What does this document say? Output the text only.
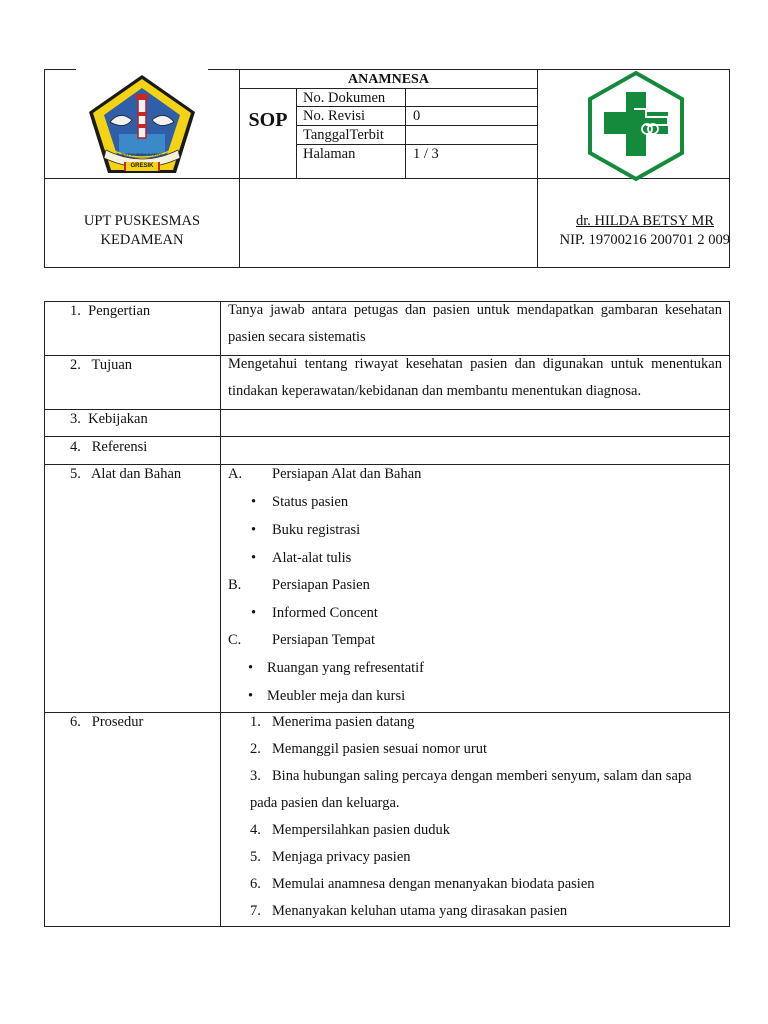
ANAMNESA
SOP
No. Dokumen
No. Revisi	0
TanggalTerbit
Halaman	1 / 3
UPT PUSKESMAS
KEDAMEAN
dr. HILDA BETSY MR
NIP. 19700216 200701 2 009
SATYA BINA KARYA
GRESIK
1.  Pengertian
2.   Tujuan
3.  Kebijakan
4.   Referensi
5.   Alat dan Bahan
6.   Prosedur
Tanya jawab antara petugas dan pasien untuk mendapatkan gambaran kesehatan pasien secara sistematis
Mengetahui tentang riwayat kesehatan pasien dan digunakan untuk menentukan tindakan keperawatan/kebidanan dan membantu menentukan diagnosa.
A. Persiapan Alat dan Bahan
• Status pasien
• Buku registrasi
• Alat-alat tulis
B. Persiapan Pasien
• Informed Concent
C. Persiapan Tempat
• Ruangan yang refresentatif
• Meubler meja dan kursi
1. Menerima pasien datang
2. Memanggil pasien sesuai nomor urut
3. Bina hubungan saling percaya dengan memberi senyum, salam dan sapa
pada pasien dan keluarga.
4. Mempersilahkan pasien duduk
5. Menjaga privacy pasien
6. Memulai anamnesa dengan menanyakan biodata pasien
7. Menanyakan keluhan utama yang dirasakan pasien
